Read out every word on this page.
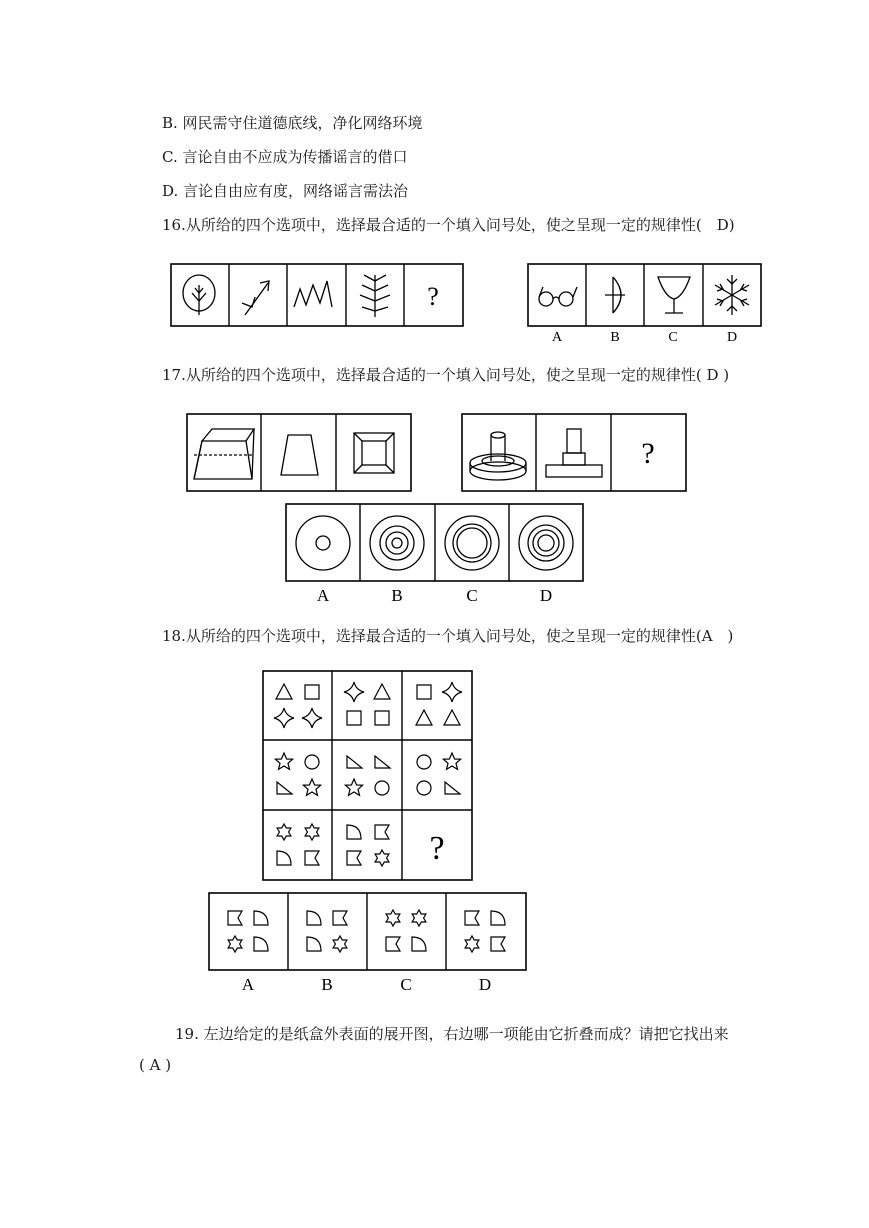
B. 网民需守住道德底线，净化网络环境
C. 言论自由不应成为传播谣言的借口
D. 言论自由应有度，网络谣言需法治
16.从所给的四个选项中，选择最合适的一个填入问号处，使之呈现一定的规律性(　D)
?
A	B	C	D
17.从所给的四个选项中，选择最合适的一个填入问号处，使之呈现一定的规律性( D )
?
A	B	C	D
18.从所给的四个选项中，选择最合适的一个填入问号处，使之呈现一定的规律性(A　)
?
A	B	C	D
19. 左边给定的是纸盒外表面的展开图，右边哪一项能由它折叠而成？请把它找出来
( A )
